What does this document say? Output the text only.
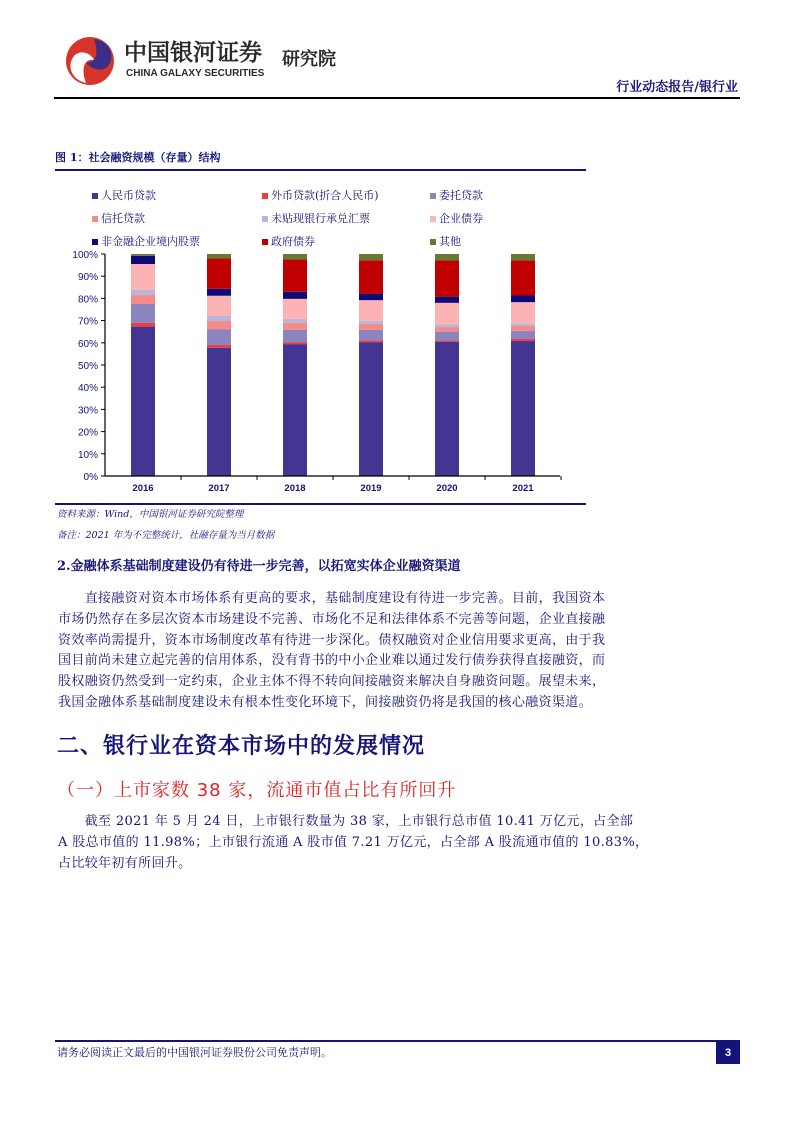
中国银河证券
CHINA GALAXY SECURITIES
研究院
行业动态报告/银行业
图 1：社会融资规模（存量）结构
人民币贷款	外币贷款(折合人民币)	委托贷款
信托贷款	未贴现银行承兑汇票	企业债券
非金融企业境内股票	政府债券	其他
0%
10%
20%
30%
40%
50%
60%
70%
80%
90%
100%
2016	2017	2018	2019	2020	2021
资料来源：Wind，中国银河证券研究院整理
备注：2021 年为不完整统计，社融存量为当月数据
2.金融体系基础制度建设仍有待进一步完善，以拓宽实体企业融资渠道
　　直接融资对资本市场体系有更高的要求，基础制度建设有待进一步完善。目前，我国资本
市场仍然存在多层次资本市场建设不完善、市场化不足和法律体系不完善等问题，企业直接融
资效率尚需提升，资本市场制度改革有待进一步深化。债权融资对企业信用要求更高，由于我
国目前尚未建立起完善的信用体系，没有背书的中小企业难以通过发行债券获得直接融资，而
股权融资仍然受到一定约束，企业主体不得不转向间接融资来解决自身融资问题。展望未来，
我国金融体系基础制度建设未有根本性变化环境下，间接融资仍将是我国的核心融资渠道。
二、银行业在资本市场中的发展情况
（一）上市家数 38 家，流通市值占比有所回升
　　截至 2021 年 5 月 24 日，上市银行数量为 38 家，上市银行总市值 10.41 万亿元，占全部
A 股总市值的 11.98%；上市银行流通 A 股市值 7.21 万亿元，占全部 A 股流通市值的 10.83%，
占比较年初有所回升。
请务必阅读正文最后的中国银河证券股份公司免责声明。	3
